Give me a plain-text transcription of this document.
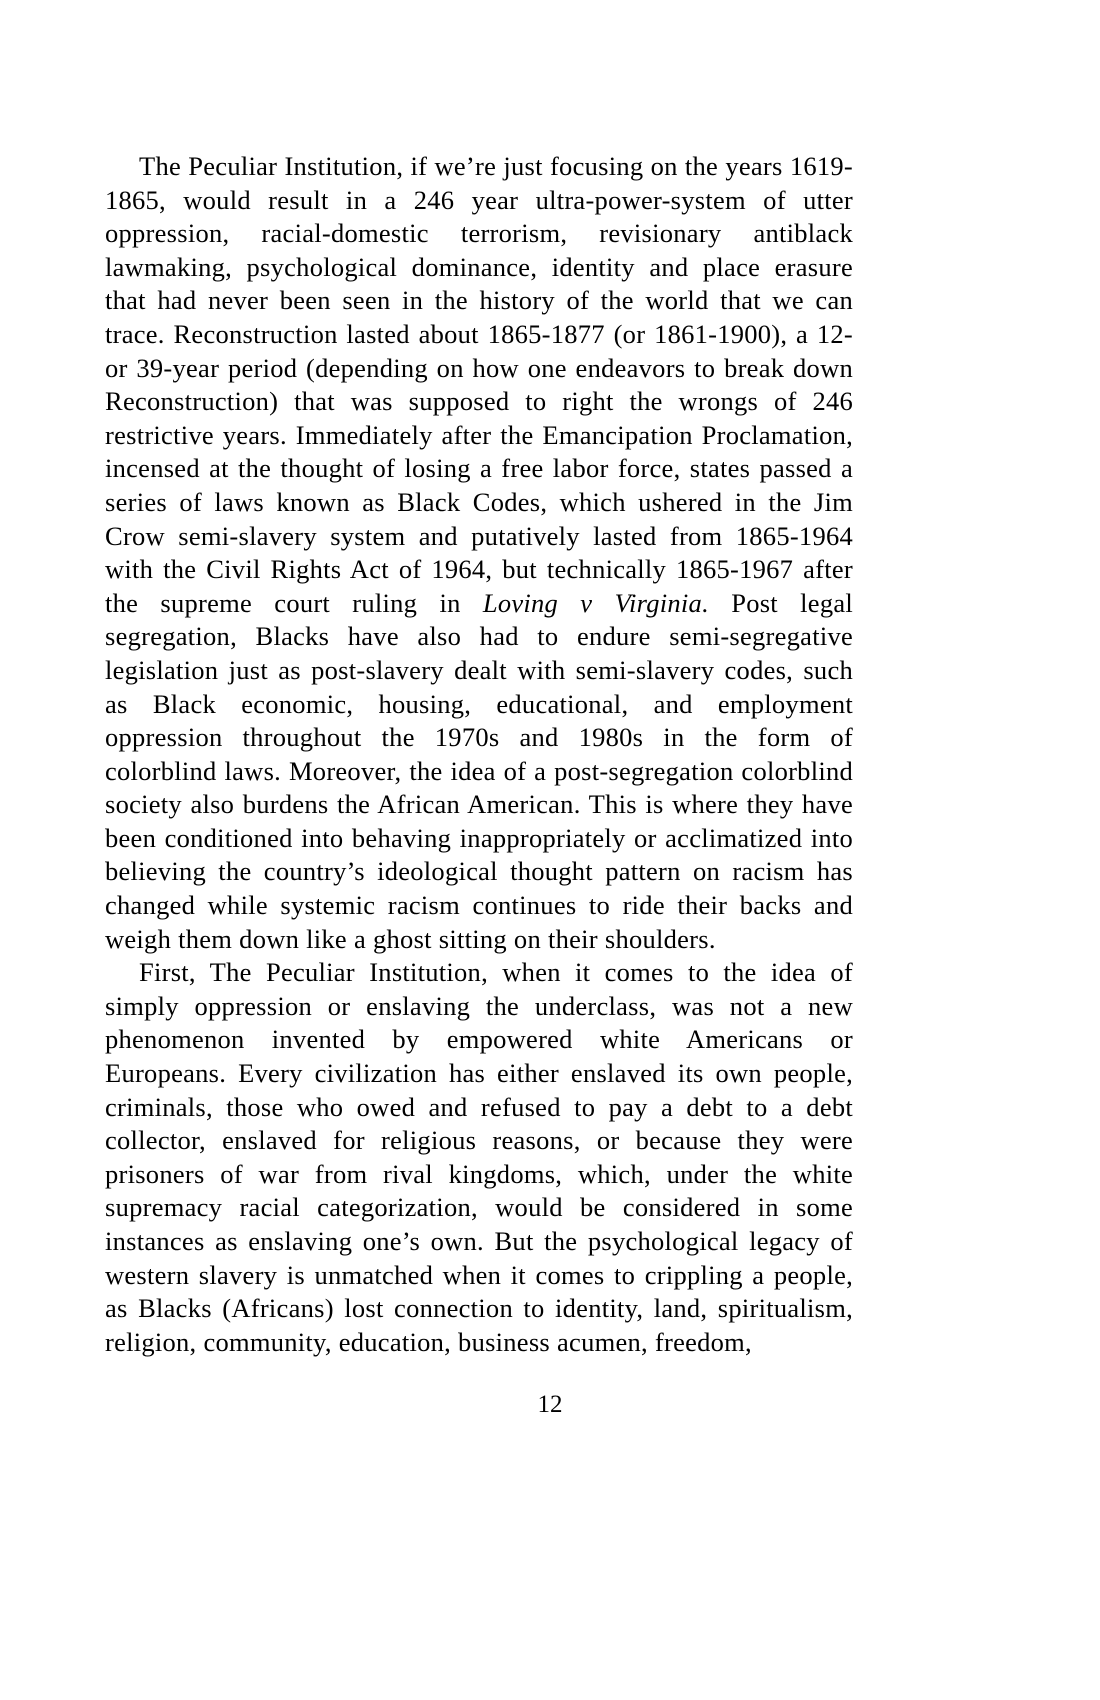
The Peculiar Institution, if we’re just focusing on the years 1619-1865, would result in a 246 year ultra-power-system of utter oppression, racial-domestic terrorism, revisionary antiblack lawmaking, psychological dominance, identity and place erasure that had never been seen in the history of the world that we can trace. Reconstruction lasted about 1865-1877 (or 1861-1900), a 12- or 39-year period (depending on how one endeavors to break down Reconstruction) that was supposed to right the wrongs of 246 restrictive years. Immediately after the Emancipation Proclamation, incensed at the thought of losing a free labor force, states passed a series of laws known as Black Codes, which ushered in the Jim Crow semi-slavery system and putatively lasted from 1865-1964 with the Civil Rights Act of 1964, but technically 1865-1967 after the supreme court ruling in Loving v Virginia. Post legal segregation, Blacks have also had to endure semi-segregative legislation just as post-slavery dealt with semi-slavery codes, such as Black economic, housing, educational, and employment oppression throughout the 1970s and 1980s in the form of colorblind laws. Moreover, the idea of a post-segregation colorblind society also burdens the African American. This is where they have been conditioned into behaving inappropriately or acclimatized into believing the country’s ideological thought pattern on racism has changed while systemic racism continues to ride their backs and weigh them down like a ghost sitting on their shoulders.

First, The Peculiar Institution, when it comes to the idea of simply oppression or enslaving the underclass, was not a new phenomenon invented by empowered white Americans or Europeans. Every civilization has either enslaved its own people, criminals, those who owed and refused to pay a debt to a debt collector, enslaved for religious reasons, or because they were prisoners of war from rival kingdoms, which, under the white supremacy racial categorization, would be considered in some instances as enslaving one’s own. But the psychological legacy of western slavery is unmatched when it comes to crippling a people, as Blacks (Africans) lost connection to identity, land, spiritualism, religion, community, education, business acumen, freedom,

12
